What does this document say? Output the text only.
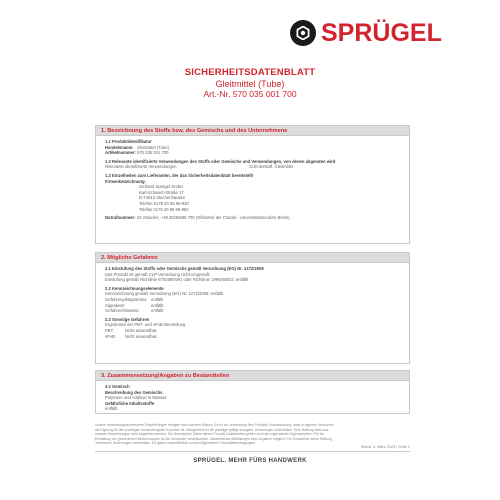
SPRÜGEL
SICHERHEITSDATENBLATT
Gleitmittel (Tube)
Art.-Nr. 570 035 001 700
1. Bezeichnung des Stoffs bzw. des Gemischs und des Unternehmens
1.1 Produktidentifikator
Handelsname: Gleitmittel (Tube)
Artikelnummer: 570 035 001 700
1.2 Relevante identifizierte Verwendungen des Stoffs oder Gemischs und Verwendungen, von denen abgeraten wird
Relevante identifizierte Verwendungen	Schmierstoff, Gleitmittel
1.3 Einzelheiten zum Lieferanten, der das Sicherheitsdatenblatt bereitstellt
Firmenbezeichnung:
Gerhard Sprügel GmbH
Karl-Schwarz-Straße 17
D-74613 Stachenhausen
Telefon 0179 40 95 98-930
Telefax 0179 40 95 98-950
Notrufnummer: 24 Stunden: +49 30/30686 700 (Giftnotruf der Charité - Universitätsmedizin Berlin)
2. Mögliche Gefahren
2.1 Einstufung des Stoffs oder Gemischs gemäß Verordnung (EG) Nr. 1272/2008
Das Produkt ist gemäß CLP-Verordnung nicht eingestuft.
Einstufung gemäß Richtlinie 67/548/EWG oder Richtlinie 1999/45/EG: entfällt
2.2 Kennzeichnungselemente
Kennzeichnung gemäß Verordnung (EG) Nr. 1272/2008: entfällt
Gefahrenpiktogramme	entfällt
Signalwort	entfällt
Gefahrenhinweise	entfällt
2.3 Sonstige Gefahren
Ergebnisse der PBT- und vPvB-Beurteilung
PBT:	Nicht anwendbar.
vPvB:	Nicht anwendbar.
3. Zusammensetzung/Angaben zu Bestandteilen
3.2 Gemisch
Beschreibung des Gemischs
Polymere und Additive in Wasser.
Gefährliche Inhaltsstoffe
entfällt
Unsere anwendungstechnischen Empfehlungen erfolgen nach bestem Wissen. Es ist zur Anwendung des Produkts Voraussetzung, dass in eigenen Versuchen die Eignung für den jeweiligen Anwendungsfall zu prüfen ist. Maßgebend ist die jeweilige gültige Ausgabe. Änderungen vorbehalten. Eine Haftung kann aus unseren Empfehlungen nicht abgeleitet werden. Die technischen Daten dieses Produkt-Datenblattes gelten nicht als zugesicherte Eigenschaften. Für die Einhaltung der gesetzlichen Bestimmungen ist der Anwender verantwortlich. Abweichende Abbildungen bzw. Angaben möglich. Für Druckfehler keine Haftung. Technische Änderungen vorbehalten. Es gelten ausschließlich unsere Allgemeinen Geschäftsbedingungen.
Stand: 8. März 2023 | Seite 1
SPRÜGEL. MEHR FÜRS HANDWERK
